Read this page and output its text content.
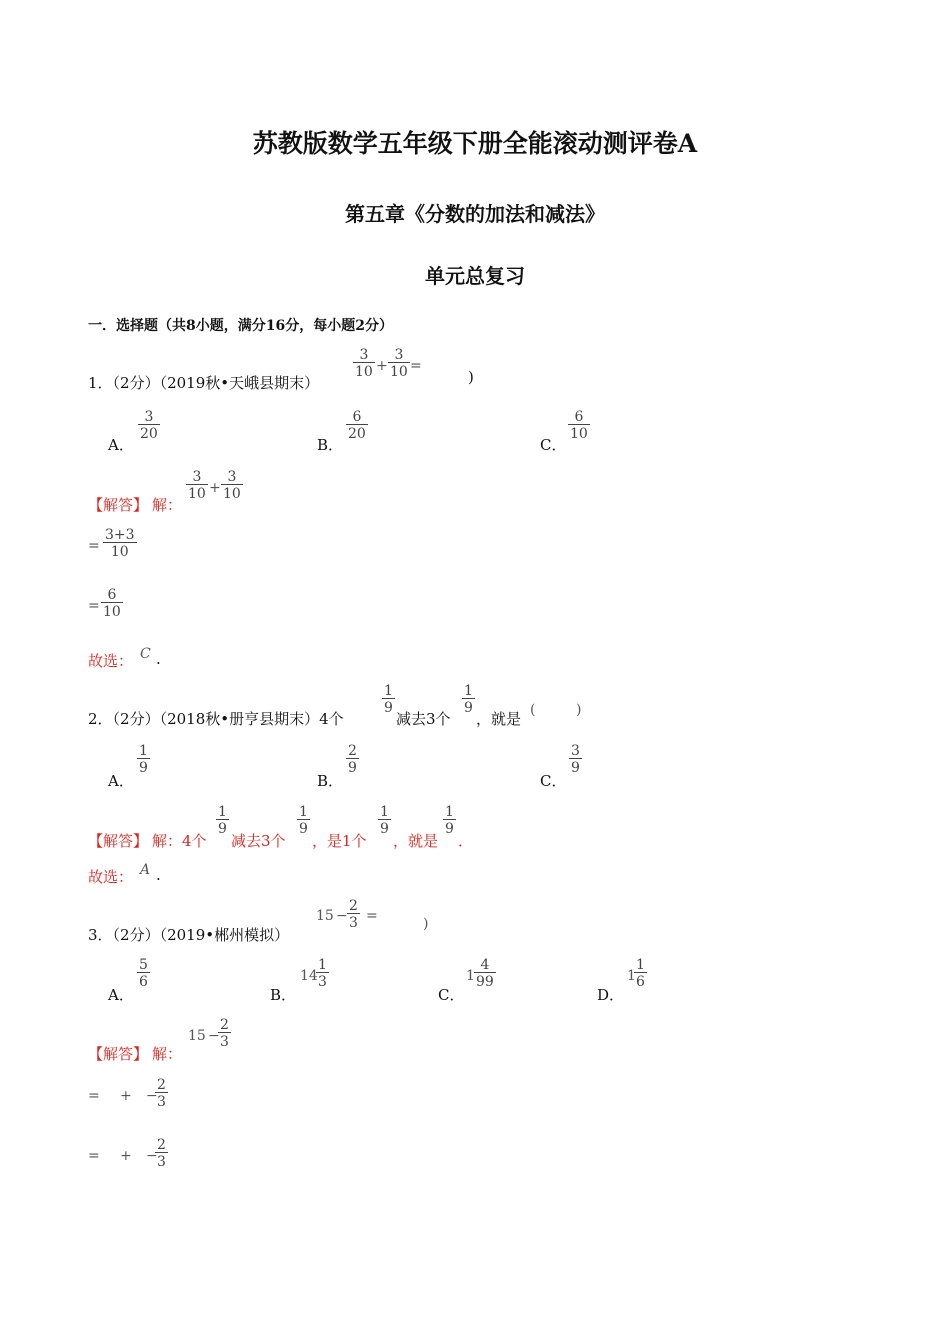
苏教版数学五年级下册全能滚动测评卷A
第五章《分数的加法和减法》
单元总复习
一．选择题（共8小题，满分16分，每小题2分）
1．（2分）（2019秋•天峨县期末）
$\frac{3}{10} + \frac{3}{10}$ =
)
A．
$\frac{3}{20}$
B．
$\frac{6}{20}$
C．
$\frac{6}{10}$
【解答】 解：
$\frac{3}{10} + \frac{3}{10}$
= $\frac{3+3}{10}$
= $\frac{6}{10}$
故选： C .
2．（2分）（2018秋•册亨县期末）4个
$\frac{1}{9}$
减去3个
$\frac{1}{9}$
，就是 (	)
A．
$\frac{1}{9}$
B．
$\frac{2}{9}$
C．
$\frac{3}{9}$
【解答】 解：4个
$\frac{1}{9}$
减去3个
$\frac{1}{9}$
，是1个
$\frac{1}{9}$
，就是
$\frac{1}{9}$
．
故选： A .
3．（2分）（2019•郴州模拟）
$15 - \frac{2}{3}$ =	)
A．
$\frac{5}{6}$
B．
14
$\frac{1}{3}$
C．
$1 \frac{4}{99}$
D．
1
$\frac{1}{6}$
【解答】 解：
15 −
$\frac{2}{3}$
= + −
$\frac{2}{3}$
= + −
$\frac{2}{3}$
